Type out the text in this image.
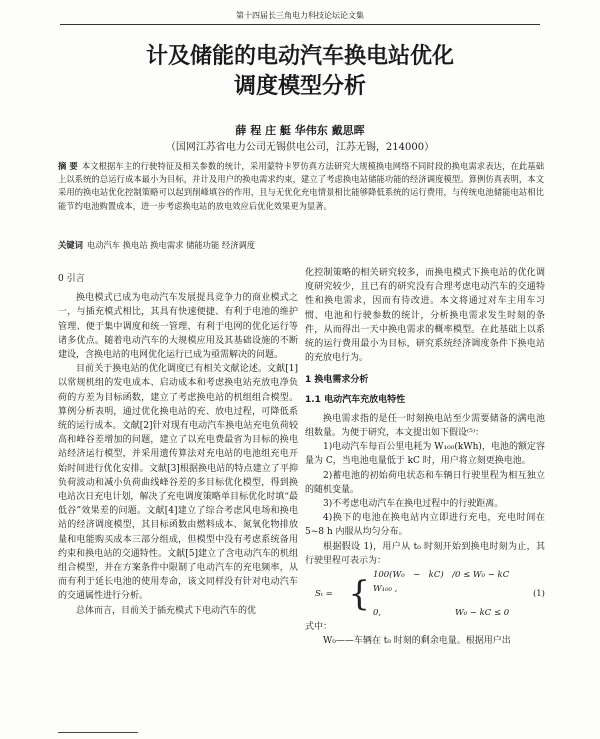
第十四届长三角电力科技论坛论文集
计及储能的电动汽车换电站优化
调度模型分析
薛 程 庄 艇 华伟东 戴思晖
（国网江苏省电力公司无锡供电公司，江苏无锡，214000）
摘 要 本文根据车主的行驶特征及相关参数的统计，采用蒙特卡罗仿真方法研究大规模换电网络不同时段的换电需求表达，在此基础上以系统的总运行成本最小为目标，并计及用户的换电需求约束，建立了考虑换电站储能功能的经济调度模型。算例仿真表明，本文采用的换电站优化控制策略可以起到削峰填谷的作用，且与无优化充电情景相比能够降低系统的运行费用，与传统电池储能电站相比能节约电池购置成本，进一步考虑换电站的放电效应后优化效果更为显著。
关键词 电动汽车 换电站 换电需求 储能功能 经济调度

0 引言

换电模式已成为电动汽车发展提具竞争力的商业模式之一，与插充模式相比，其具有快速便捷、有利于电池的维护管理、便于集中调度和统一管理、有利于电网的优化运行等诸多优点。随着电动汽车的大规模应用及其基础设施的不断建设，含换电站的电网优化运行已成为亟需解决的问题。

目前关于换电站的优化调度已有相关文献论述。文献[1]以常规机组的发电成本、启动成本和考虑换电站充放电净负荷的方差为目标函数，建立了考虑换电站的机组组合模型。算例分析表明，通过优化换电站的充、放电过程，可降低系统的运行成本。文献[2]针对现有电动汽车换电站充电负荷较高和峰谷差增加的问题，建立了以充电费最省为目标的换电站经济运行模型，并采用遗传算法对充电站的电池组充电开始时间进行优化安排。文献[3]根据换电站的特点建立了平抑负荷波动和减小负荷曲线峰谷差的多目标优化模型，得到换电站次日充电计划，解决了充电调度策略单目标优化时填“最低谷”效果差的问题。文献[4]建立了综合考虑风电场和换电站的经济调度模型，其目标函数由燃料成本、氮氧化物排放量和电能购买成本三部分组成，但模型中没有考虑系统备用约束和换电站的交通特性。文献[5]建立了含电动汽车的机组组合模型，并在方案条件中限制了电动汽车的充电频率，从而有利于延长电池的使用寿命，该文同样没有针对电动汽车的交通属性进行分析。

总体而言，目前关于插充模式下电动汽车的优

化控制策略的相关研究较多，而换电模式下换电站的优化调度研究较少，且已有的研究没有合理考虑电动汽车的交通特性和换电需求，因而有待改进。本文将通过对车主用车习惯、电池和行驶参数的统计，分析换电需求发生时刻的条件，从而得出一天中换电需求的概率模型。在此基础上以系统的运行费用最小为目标，研究系统经济调度条件下换电站的充放电行为。

1 换电需求分析

1.1 电动汽车充放电特性

换电需求指的是任一时刻换电站至少需要储备的满电池组数量。为便于研究，本文提出如下假设⁽⁵⁾：

1)电动汽车每百公里电耗为 W₁₀₀(kWh)，电池的额定容量为 C，当电池电量低于 kC 时，用户将立刻更换电池。

2)蓄电池的初始荷电状态和车辆日行驶里程为相互独立的随机变量。

3)不考虑电动汽车在换电过程中的行驶距离。

4)换下的电池在换电站内立即进行充电，充电时间在 5~8 h 内服从均匀分布。

根据假设 1)，用户从 t₀ 时刻开始到换电时刻为止，其行驶里程可表示为：

Sₜ = { 100(W₀ − kC) / W₁₀₀ ,
0 ≤ W₀ − kC
0,	W₀ − kC ≤ 0
(1)

式中：

W₀——车辆在 t₀ 时刻的剩余电量。根据用户出
